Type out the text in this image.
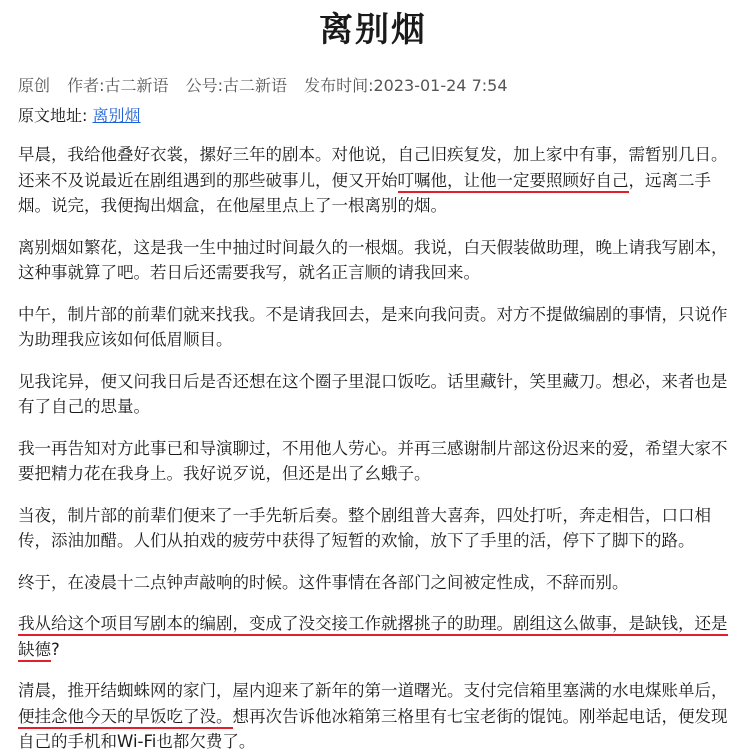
离别烟
原创 作者:古二新语 公号:古二新语 发布时间:2023-01-24 7:54
原文地址: 离别烟

早晨，我给他叠好衣裳，摞好三年的剧本。对他说，自己旧疾复发，加上家中有事，需暂别几日。还来不及说最近在剧组遇到的那些破事儿，便又开始叮嘱他，让他一定要照顾好自己，远离二手烟。说完，我便掏出烟盒，在他屋里点上了一根离别的烟。

离别烟如繁花，这是我一生中抽过时间最久的一根烟。我说，白天假装做助理，晚上请我写剧本，这种事就算了吧。若日后还需要我写，就名正言顺的请我回来。

中午，制片部的前辈们就来找我。不是请我回去，是来向我问责。对方不提做编剧的事情，只说作为助理我应该如何低眉顺目。

见我诧异，便又问我日后是否还想在这个圈子里混口饭吃。话里藏针，笑里藏刀。想必，来者也是有了自己的思量。

我一再告知对方此事已和导演聊过，不用他人劳心。并再三感谢制片部这份迟来的爱，希望大家不要把精力花在我身上。我好说歹说，但还是出了幺蛾子。

当夜，制片部的前辈们便来了一手先斩后奏。整个剧组普大喜奔，四处打听，奔走相告，口口相传，添油加醋。人们从拍戏的疲劳中获得了短暂的欢愉，放下了手里的活，停下了脚下的路。

终于，在凌晨十二点钟声敲响的时候。这件事情在各部门之间被定性成，不辞而别。

我从给这个项目写剧本的编剧，变成了没交接工作就撂挑子的助理。剧组这么做事，是缺钱，还是缺德?

清晨，推开结蜘蛛网的家门，屋内迎来了新年的第一道曙光。支付完信箱里塞满的水电煤账单后，便挂念他今天的早饭吃了没。想再次告诉他冰箱第三格里有七宝老街的馄饨。刚举起电话，便发现自己的手机和Wi-Fi也都欠费了。
